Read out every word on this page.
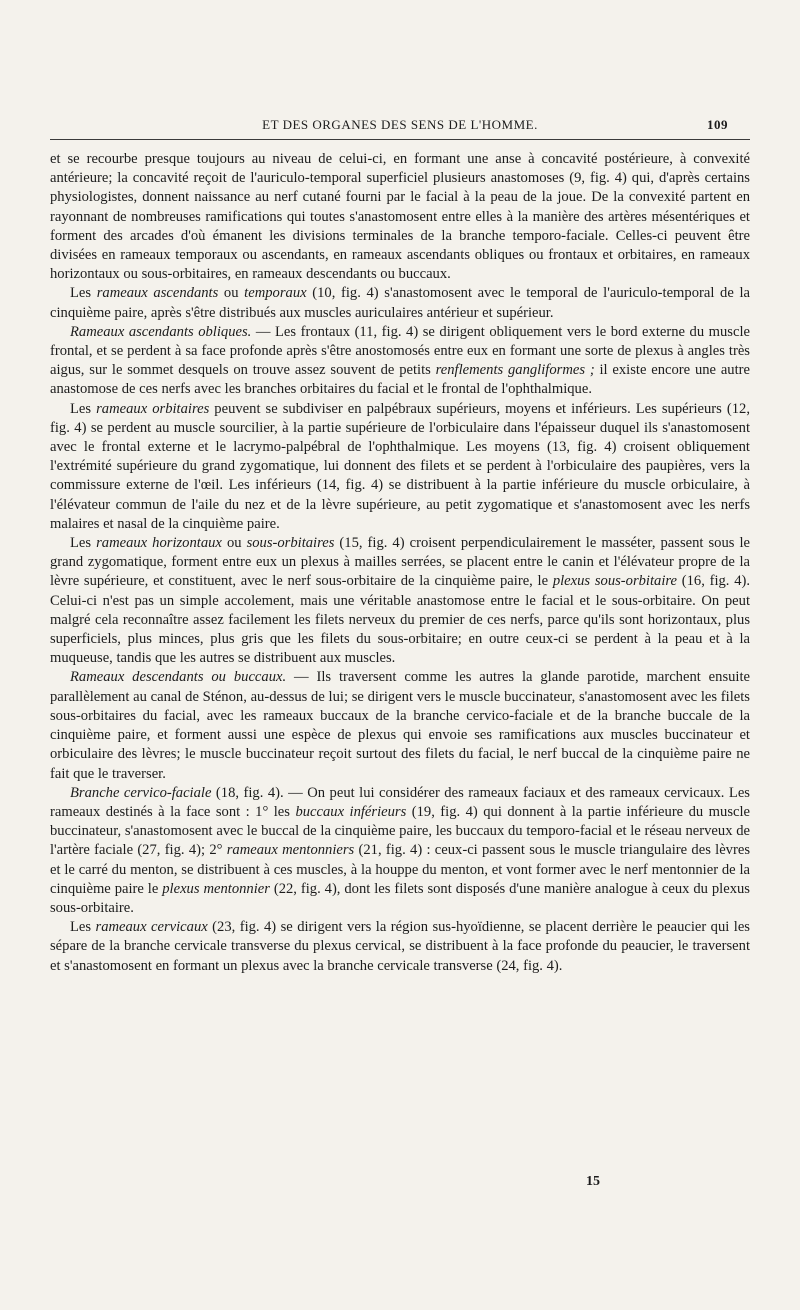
ET DES ORGANES DES SENS DE L'HOMME.	109

et se recourbe presque toujours au niveau de celui-ci, en formant une anse à concavité postérieure, à convexité antérieure; la concavité reçoit de l'auriculo-temporal superficiel plusieurs anastomoses (9, fig. 4) qui, d'après certains physiologistes, donnent naissance au nerf cutané fourni par le facial à la peau de la joue. De la convexité partent en rayonnant de nombreuses ramifications qui toutes s'anastomosent entre elles à la manière des artères mésentériques et forment des arcades d'où émanent les divisions terminales de la branche temporo-faciale. Celles-ci peuvent être divisées en rameaux temporaux ou ascendants, en rameaux ascendants obliques ou frontaux et orbitaires, en rameaux horizontaux ou sous-orbitaires, en rameaux descendants ou buccaux.

Les rameaux ascendants ou temporaux (10, fig. 4) s'anastomosent avec le temporal de l'auriculo-temporal de la cinquième paire, après s'être distribués aux muscles auriculaires antérieur et supérieur.

Rameaux ascendants obliques. — Les frontaux (11, fig. 4) se dirigent obliquement vers le bord externe du muscle frontal, et se perdent à sa face profonde après s'être anostomosés entre eux en formant une sorte de plexus à angles très aigus, sur le sommet desquels on trouve assez souvent de petits renflements gangliformes ; il existe encore une autre anastomose de ces nerfs avec les branches orbitaires du facial et le frontal de l'ophthalmique.

Les rameaux orbitaires peuvent se subdiviser en palpébraux supérieurs, moyens et inférieurs. Les supérieurs (12, fig. 4) se perdent au muscle sourcilier, à la partie supérieure de l'orbiculaire dans l'épaisseur duquel ils s'anastomosent avec le frontal externe et le lacrymo-palpébral de l'ophthalmique. Les moyens (13, fig. 4) croisent obliquement l'extrémité supérieure du grand zygomatique, lui donnent des filets et se perdent à l'orbiculaire des paupières, vers la commissure externe de l'œil. Les inférieurs (14, fig. 4) se distribuent à la partie inférieure du muscle orbiculaire, à l'élévateur commun de l'aile du nez et de la lèvre supérieure, au petit zygomatique et s'anastomosent avec les nerfs malaires et nasal de la cinquième paire.

Les rameaux horizontaux ou sous-orbitaires (15, fig. 4) croisent perpendiculairement le masséter, passent sous le grand zygomatique, forment entre eux un plexus à mailles serrées, se placent entre le canin et l'élévateur propre de la lèvre supérieure, et constituent, avec le nerf sous-orbitaire de la cinquième paire, le plexus sous-orbitaire (16, fig. 4). Celui-ci n'est pas un simple accolement, mais une véritable anastomose entre le facial et le sous-orbitaire. On peut malgré cela reconnaître assez facilement les filets nerveux du premier de ces nerfs, parce qu'ils sont horizontaux, plus superficiels, plus minces, plus gris que les filets du sous-orbitaire; en outre ceux-ci se perdent à la peau et à la muqueuse, tandis que les autres se distribuent aux muscles.

Rameaux descendants ou buccaux. — Ils traversent comme les autres la glande parotide, marchent ensuite parallèlement au canal de Sténon, au-dessus de lui; se dirigent vers le muscle buccinateur, s'anastomosent avec les filets sous-orbitaires du facial, avec les rameaux buccaux de la branche cervico-faciale et de la branche buccale de la cinquième paire, et forment aussi une espèce de plexus qui envoie ses ramifications aux muscles buccinateur et orbiculaire des lèvres; le muscle buccinateur reçoit surtout des filets du facial, le nerf buccal de la cinquième paire ne fait que le traverser.

Branche cervico-faciale (18, fig. 4). — On peut lui considérer des rameaux faciaux et des rameaux cervicaux. Les rameaux destinés à la face sont : 1° les buccaux inférieurs (19, fig. 4) qui donnent à la partie inférieure du muscle buccinateur, s'anastomosent avec le buccal de la cinquième paire, les buccaux du temporo-facial et le réseau nerveux de l'artère faciale (27, fig. 4); 2° rameaux mentonniers (21, fig. 4) : ceux-ci passent sous le muscle triangulaire des lèvres et le carré du menton, se distribuent à ces muscles, à la houppe du menton, et vont former avec le nerf mentonnier de la cinquième paire le plexus mentonnier (22, fig. 4), dont les filets sont disposés d'une manière analogue à ceux du plexus sous-orbitaire.

Les rameaux cervicaux (23, fig. 4) se dirigent vers la région sus-hyoïdienne, se placent derrière le peaucier qui les sépare de la branche cervicale transverse du plexus cervical, se distribuent à la face profonde du peaucier, le traversent et s'anastomosent en formant un plexus avec la branche cervicale transverse (24, fig. 4).

15
